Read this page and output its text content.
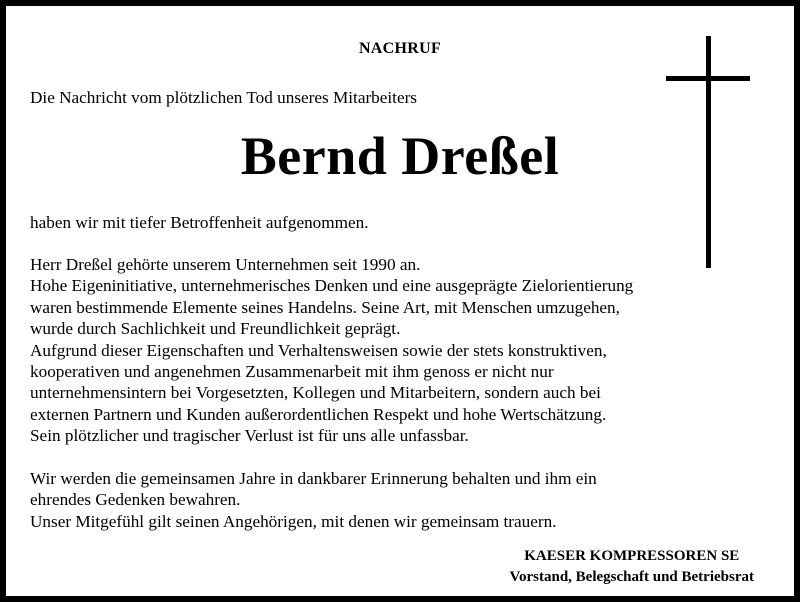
NACHRUF
Die Nachricht vom plötzlichen Tod unseres Mitarbeiters
Bernd Dreßel
haben wir mit tiefer Betroffenheit aufgenommen.
Herr Dreßel gehörte unserem Unternehmen seit 1990 an.
Hohe Eigeninitiative, unternehmerisches Denken und eine ausgeprägte Zielorientierung
waren bestimmende Elemente seines Handelns. Seine Art, mit Menschen umzugehen,
wurde durch Sachlichkeit und Freundlichkeit geprägt.
Aufgrund dieser Eigenschaften und Verhaltensweisen sowie der stets konstruktiven,
kooperativen und angenehmen Zusammenarbeit mit ihm genoss er nicht nur
unternehmensintern bei Vorgesetzten, Kollegen und Mitarbeitern, sondern auch bei
externen Partnern und Kunden außerordentlichen Respekt und hohe Wertschätzung.
Sein plötzlicher und tragischer Verlust ist für uns alle unfassbar.
Wir werden die gemeinsamen Jahre in dankbarer Erinnerung behalten und ihm ein
ehrendes Gedenken bewahren.
Unser Mitgefühl gilt seinen Angehörigen, mit denen wir gemeinsam trauern.
KAESER KOMPRESSOREN SE
Vorstand, Belegschaft und Betriebsrat
